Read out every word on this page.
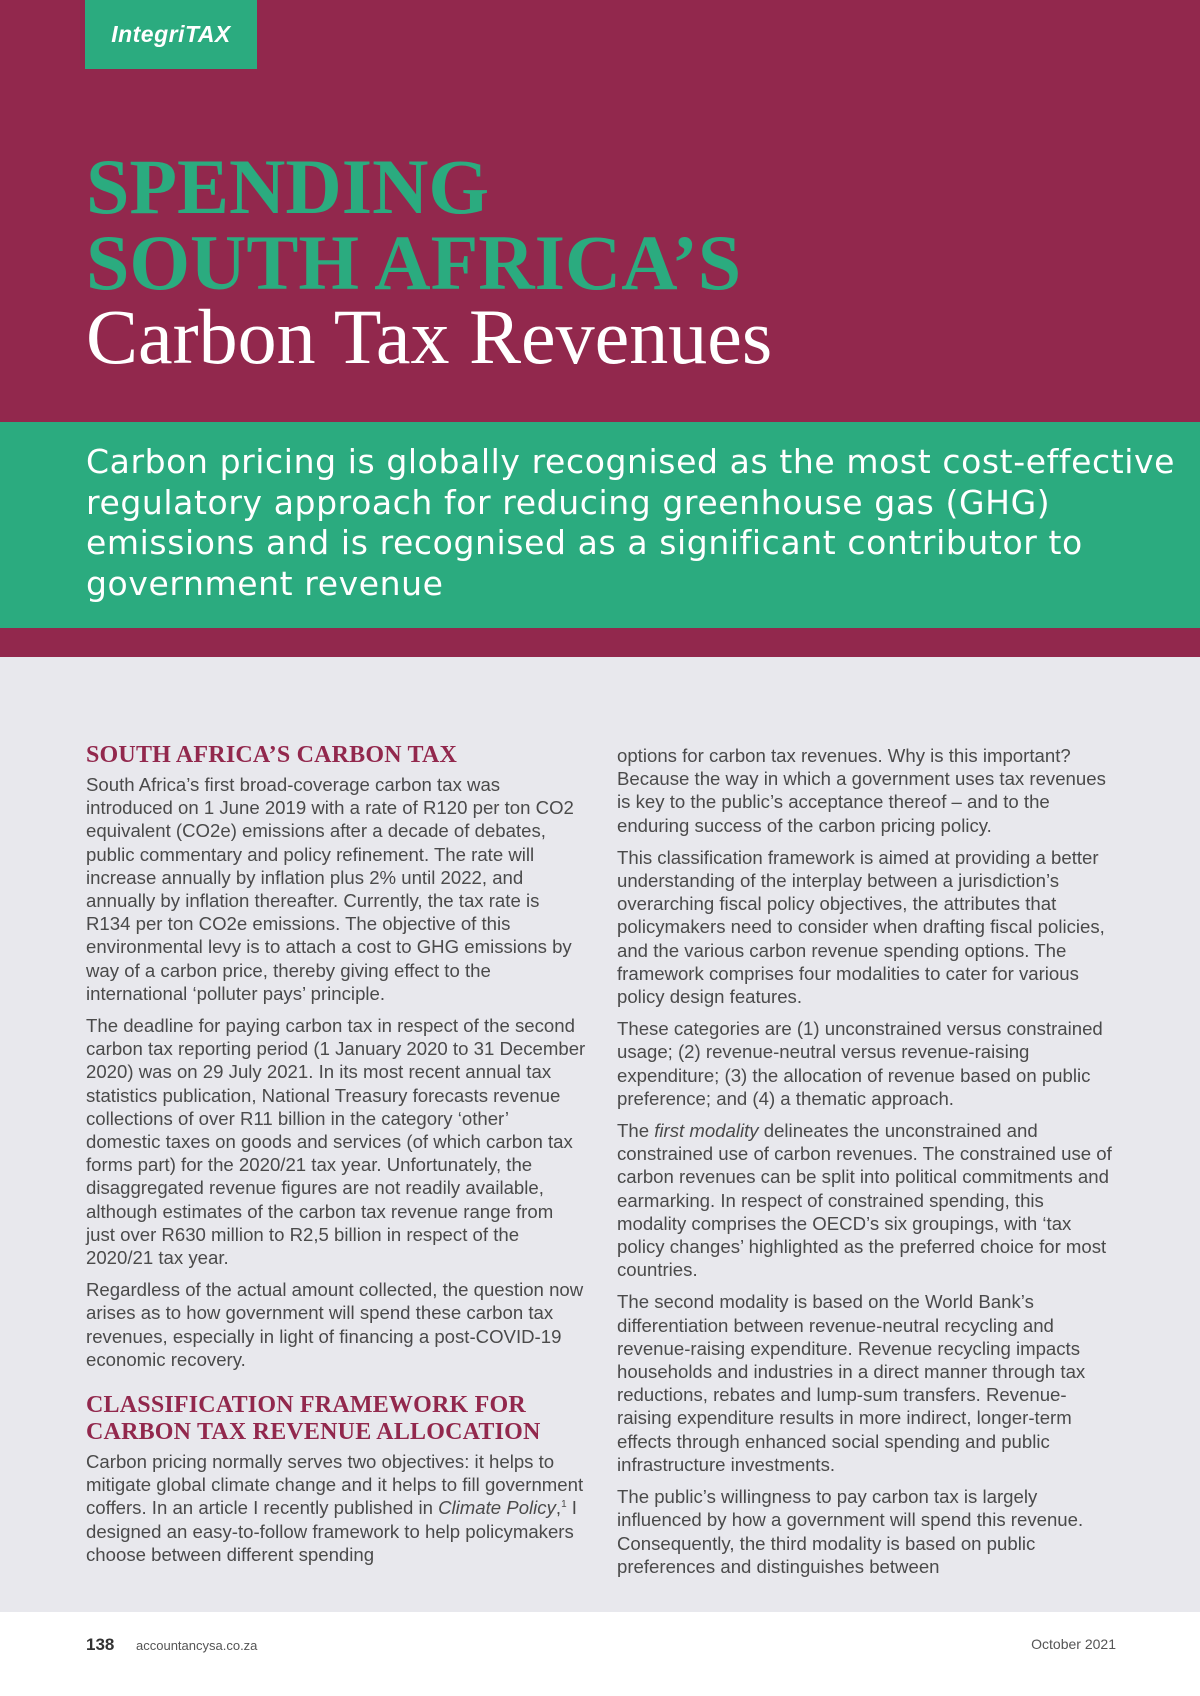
IntegriTAX
SPENDING
SOUTH AFRICA’S
Carbon Tax Revenues

Carbon pricing is globally recognised as the most cost-effective regulatory approach for reducing greenhouse gas (GHG) emissions and is recognised as a significant contributor to government revenue

SOUTH AFRICA’S CARBON TAX

South Africa’s first broad-coverage carbon tax was introduced on 1 June 2019 with a rate of R120 per ton CO2 equivalent (CO2e) emissions after a decade of debates, public commentary and policy refinement. The rate will increase annually by inflation plus 2% until 2022, and annually by inflation thereafter. Currently, the tax rate is R134 per ton CO2e emissions. The objective of this environmental levy is to attach a cost to GHG emissions by way of a carbon price, thereby giving effect to the international ‘polluter pays’ principle.

The deadline for paying carbon tax in respect of the second carbon tax reporting period (1 January 2020 to 31 December 2020) was on 29 July 2021. In its most recent annual tax statistics publication, National Treasury forecasts revenue collections of over R11 billion in the category ‘other’ domestic taxes on goods and services (of which carbon tax forms part) for the 2020/21 tax year. Unfortunately, the disaggregated revenue figures are not readily available, although estimates of the carbon tax revenue range from just over R630 million to R2,5 billion in respect of the 2020/21 tax year.

Regardless of the actual amount collected, the question now arises as to how government will spend these carbon tax revenues, especially in light of financing a post-COVID-19 economic recovery.

CLASSIFICATION FRAMEWORK FOR
CARBON TAX REVENUE ALLOCATION

Carbon pricing normally serves two objectives: it helps to mitigate global climate change and it helps to fill government coffers. In an article I recently published in Climate Policy,$^1$ I designed an easy-to-follow framework to help policymakers choose between different spending

options for carbon tax revenues. Why is this important? Because the way in which a government uses tax revenues is key to the public’s acceptance thereof – and to the enduring success of the carbon pricing policy.

This classification framework is aimed at providing a better understanding of the interplay between a jurisdiction’s overarching fiscal policy objectives, the attributes that policymakers need to consider when drafting fiscal policies, and the various carbon revenue spending options. The framework comprises four modalities to cater for various policy design features.

These categories are (1) unconstrained versus constrained usage; (2) revenue-neutral versus revenue-raising expenditure; (3) the allocation of revenue based on public preference; and (4) a thematic approach.

The first modality delineates the unconstrained and constrained use of carbon revenues. The constrained use of carbon revenues can be split into political commitments and earmarking. In respect of constrained spending, this modality comprises the OECD’s six groupings, with ‘tax policy changes’ highlighted as the preferred choice for most countries.

The second modality is based on the World Bank’s differentiation between revenue-neutral recycling and revenue-raising expenditure. Revenue recycling impacts households and industries in a direct manner through tax reductions, rebates and lump-sum transfers. Revenue-raising expenditure results in more indirect, longer-term effects through enhanced social spending and public infrastructure investments.

The public’s willingness to pay carbon tax is largely influenced by how a government will spend this revenue. Consequently, the third modality is based on public preferences and distinguishes between

138 accountancysa.co.za	October 2021
